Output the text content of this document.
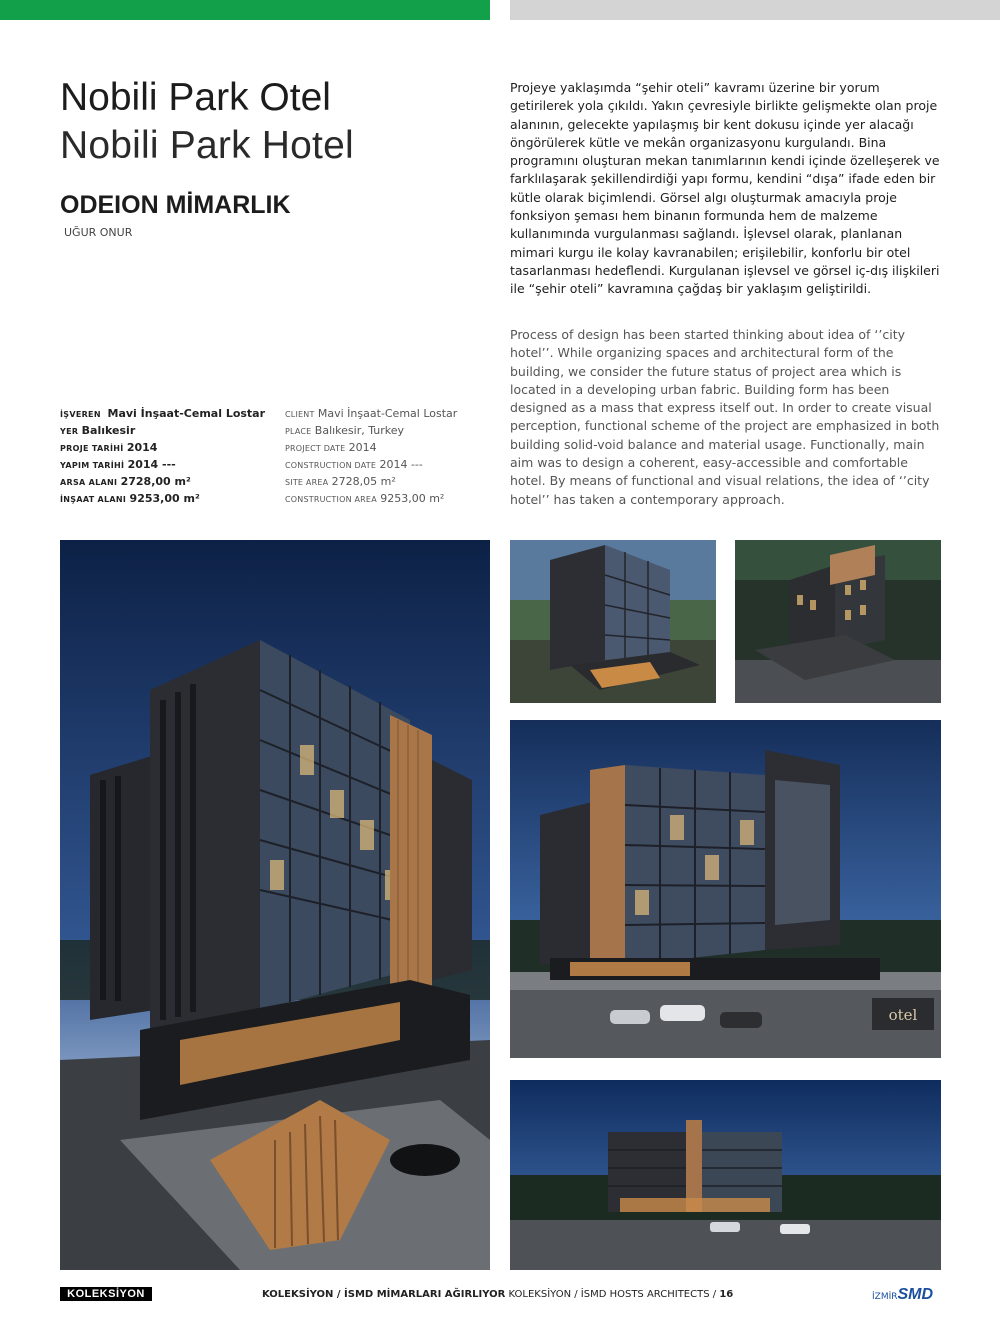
Nobili Park Otel
Nobili Park Hotel
ODEION MİMARLIK
UĞUR ONUR
İŞVEREN Mavi İnşaat-Cemal Lostar
YER Balıkesir
PROJE TARİHİ 2014
YAPIM TARİHİ 2014 ---
ARSA ALANI 2728,00 m²
İNŞAAT ALANI 9253,00 m²
CLIENT Mavi İnşaat-Cemal Lostar
PLACE Balıkesir, Turkey
PROJECT DATE 2014
CONSTRUCTION DATE 2014 ---
SITE AREA 2728,05 m²
CONSTRUCTION AREA 9253,00 m²

Projeye yaklaşımda “şehir oteli” kavramı üzerine bir yorum getirilerek yola çıkıldı. Yakın çevresiyle birlikte gelişmekte olan proje alanının, gelecekte yapılaşmış bir kent dokusu içinde yer alacağı öngörülerek kütle ve mekân organizasyonu kurgulandı. Bina programını oluşturan mekan tanımlarının kendi içinde özelleşerek ve farklılaşarak şekillendirdiği yapı formu, kendini “dışa” ifade eden bir kütle olarak biçimlendi. Görsel algı oluşturmak amacıyla proje fonksiyon şeması hem binanın formunda hem de malzeme kullanımında vurgulanması sağlandı. İşlevsel olarak, planlanan mimari kurgu ile kolay kavranabilen; erişilebilir, konforlu bir otel tasarlanması hedeflendi. Kurgulanan işlevsel ve görsel iç-dış ilişkileri ile “şehir oteli” kavramına çağdaş bir yaklaşım geliştirildi.

Process of design has been started thinking about idea of ‘’city hotel’’. While organizing spaces and architectural form of the building, we consider the future status of project area which is located in a developing urban fabric. Building form has been designed as a mass that express itself out. In order to create visual perception, functional scheme of the project are emphasized in both building solid-void balance and material usage. Functionally, main aim was to design a coherent, easy-accessible and comfortable hotel. By means of functional and visual relations, the idea of ‘’city hotel’’ has taken a contemporary approach.

otel
KOLEKSİYON	KOLEKSİYON / İSMD MİMARLARI AĞIRLIYOR KOLEKSİYON / İSMD HOSTS ARCHITECTS / 16	İZMİRSMD
